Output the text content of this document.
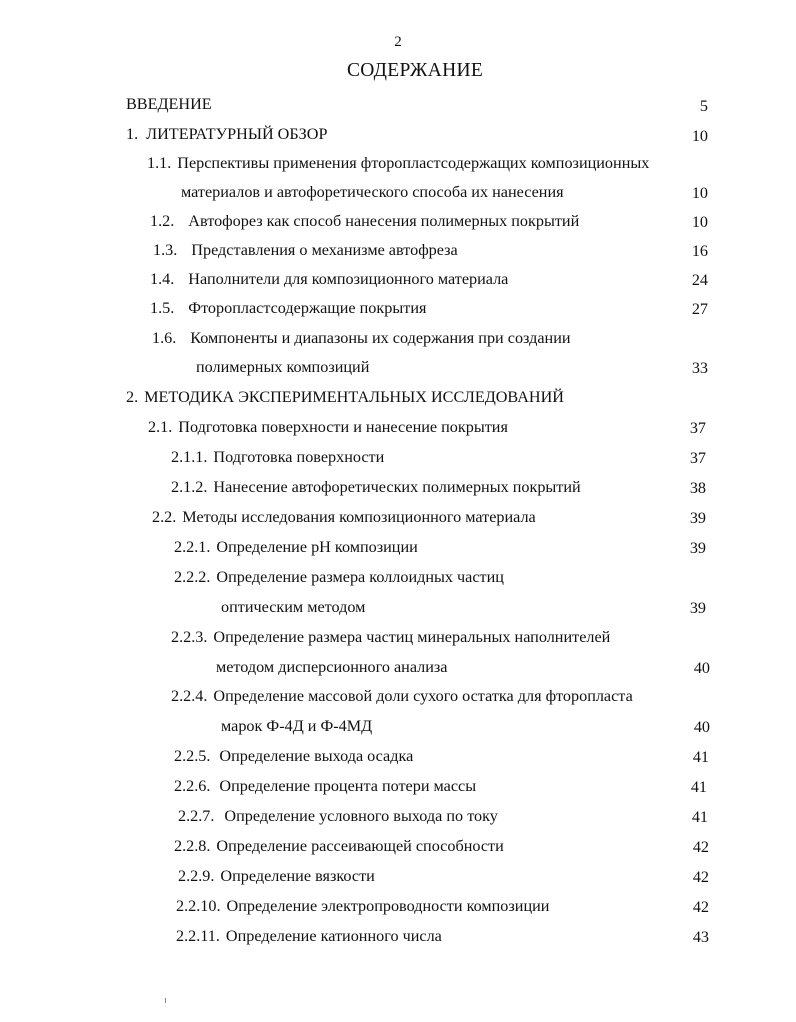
2
СОДЕРЖАНИЕ
ВВЕДЕНИЕ	5
1. ЛИТЕРАТУРНЫЙ ОБЗОР	10
1.1. Перспективы применения фторопластсодержащих композиционных
материалов и автофоретического способа их нанесения	10
1.2. Автофорез как способ нанесения полимерных покрытий	10
1.3. Представления о механизме автофреза	16
1.4. Наполнители для композиционного материала	24
1.5. Фторопластсодержащие покрытия	27
1.6. Компоненты и диапазоны их содержания при создании
полимерных композиций	33
2. МЕТОДИКА ЭКСПЕРИМЕНТАЛЬНЫХ ИССЛЕДОВАНИЙ
2.1. Подготовка поверхности и нанесение покрытия	37
2.1.1. Подготовка поверхности	37
2.1.2. Нанесение автофоретических полимерных покрытий	38
2.2. Методы исследования композиционного материала	39
2.2.1. Определение рН композиции	39
2.2.2. Определение размера коллоидных частиц
оптическим методом	39
2.2.3. Определение размера частиц минеральных наполнителей
методом дисперсионного анализа	40
2.2.4. Определение массовой доли сухого остатка для фторопласта
марок Ф-4Д и Ф-4МД	40
2.2.5. Определение выхода осадка	41
2.2.6. Определение процента потери массы	41
2.2.7. Определение условного выхода по току	41
2.2.8. Определение рассеивающей способности	42
2.2.9. Определение вязкости	42
2.2.10. Определение электропроводности композиции	42
2.2.11. Определение катионного числа	43
